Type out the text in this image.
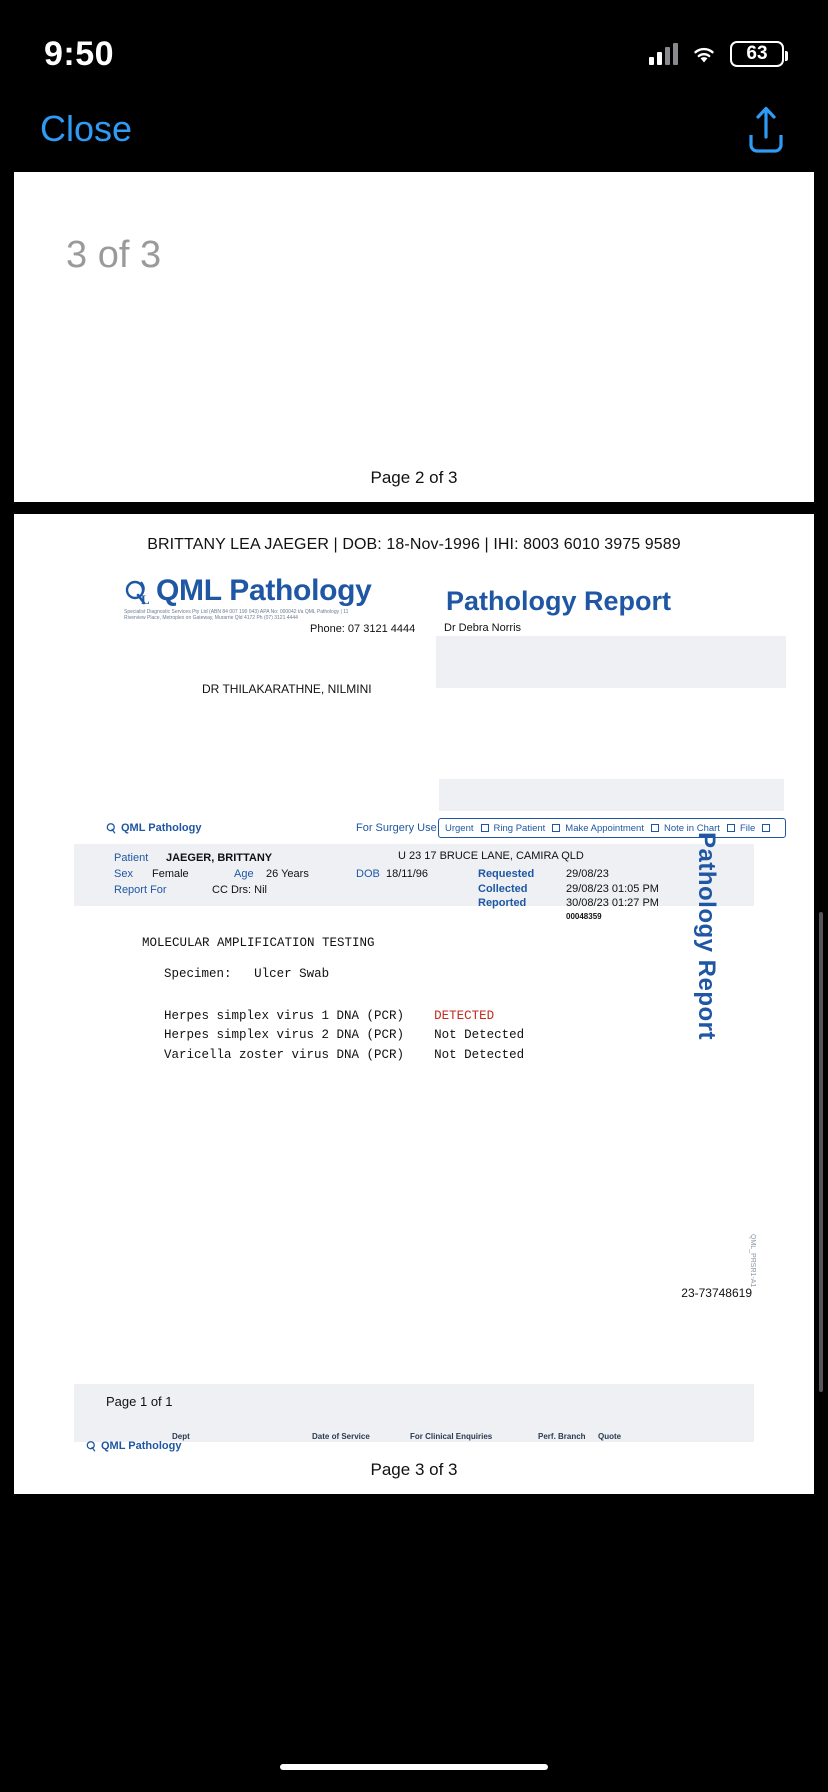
9:50	63
Close
3 of 3
Page 2 of 3
BRITTANY LEA JAEGER | DOB: 18-Nov-1996 | IHI: 8003 6010 3975 9589
L QML Pathology
Specialist Diagnostic Services Pty Ltd (ABN 84 007 190 043) APA No: 000042 t/a QML Pathology | 11 Riverview Place, Metroplex on Gateway, Murarrie Qld 4172 Ph (07) 3121 4444
Pathology Report
Phone: 07 3121 4444	Dr Debra Norris
DR THILAKARATHNE, NILMINI
QML Pathology	For Surgery Use Urgent Ring Patient Make Appointment Note in Chart File
Patient JAEGER, BRITTANY
Sex Female	Age 26 Years	DOB 18/11/96
Report For	CC Drs: Nil
U 23 17 BRUCE LANE, CAMIRA QLD
Requested	29/08/23
Collected	29/08/23 01:05 PM
Reported	30/08/23 01:27 PM
00048359
MOLECULAR AMPLIFICATION TESTING
Specimen: Ulcer Swab
Herpes simplex virus 1 DNA (PCR) DETECTED
Herpes simplex virus 2 DNA (PCR) Not Detected
Varicella zoster virus DNA (PCR) Not Detected
Pathology Report
QML_PRSR1-A1
23-73748619
Page 1 of 1
QML Pathology
Dept	Date of Service	For Clinical Enquiries	Perf. Branch Quote
Page 3 of 3
